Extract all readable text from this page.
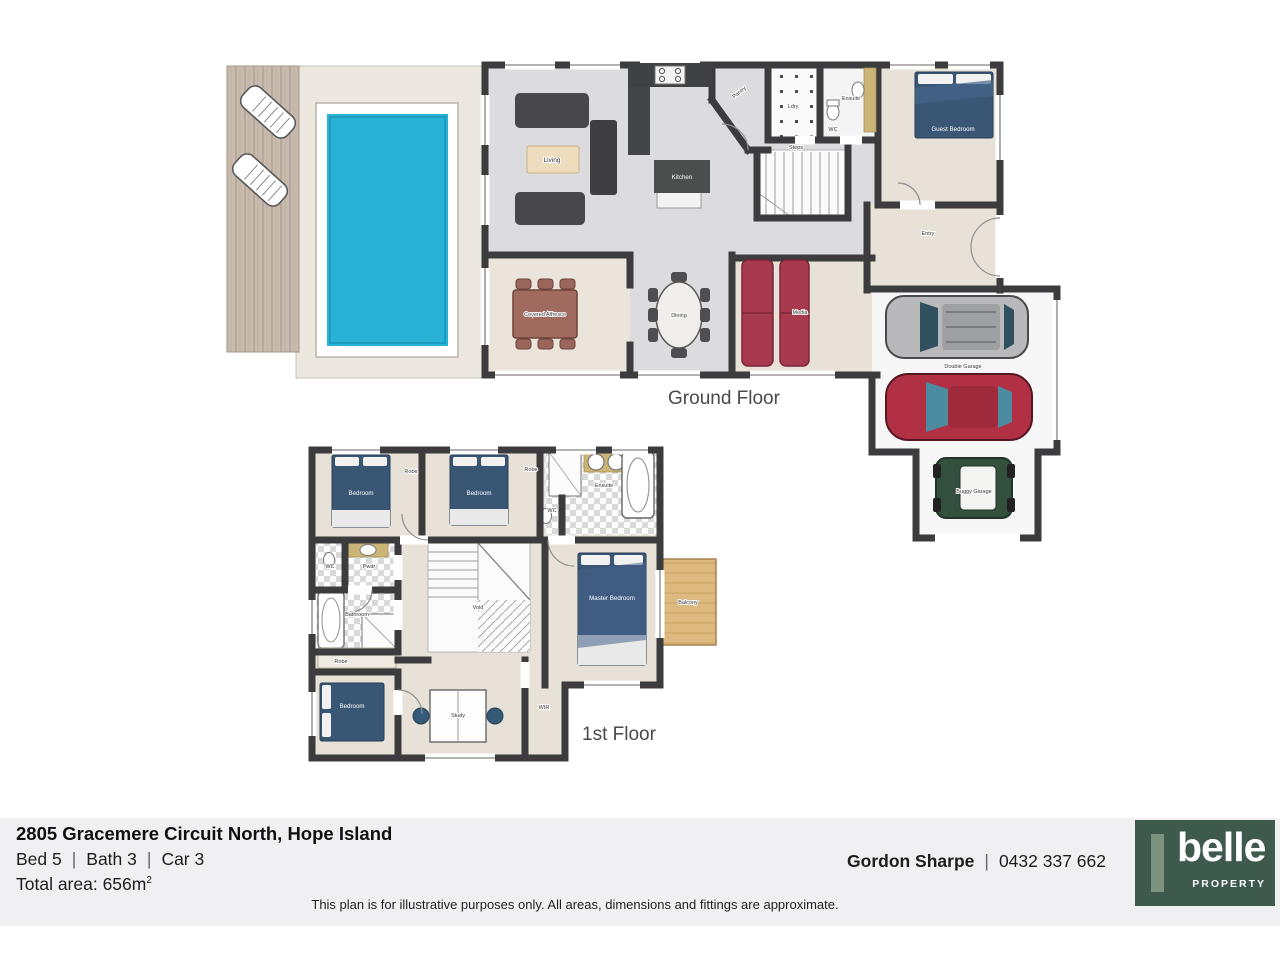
Living
Kitchen
Pantry
Ldry
Ensuite
WC
Steps
Guest Bedroom
Entry
Covered Alfresco	Dining	Media
Double Garage
Buggy Garage
Ground Floor
Bedroom
Robe
Bedroom
Robe
Ensuite
WC
WC	Pwdr
Bathroom
Robe
Void
Master Bedroom
Balcony
Bedroom
Study
WIR
1st Floor
2805 Gracemere Circuit North, Hope Island
Bed 5 | Bath 3 | Car 3
Total area: $656m^2$
Gordon Sharpe | 0432 337 662
This plan is for illustrative purposes only. All areas, dimensions and fittings are approximate.
belle
PROPERTY
